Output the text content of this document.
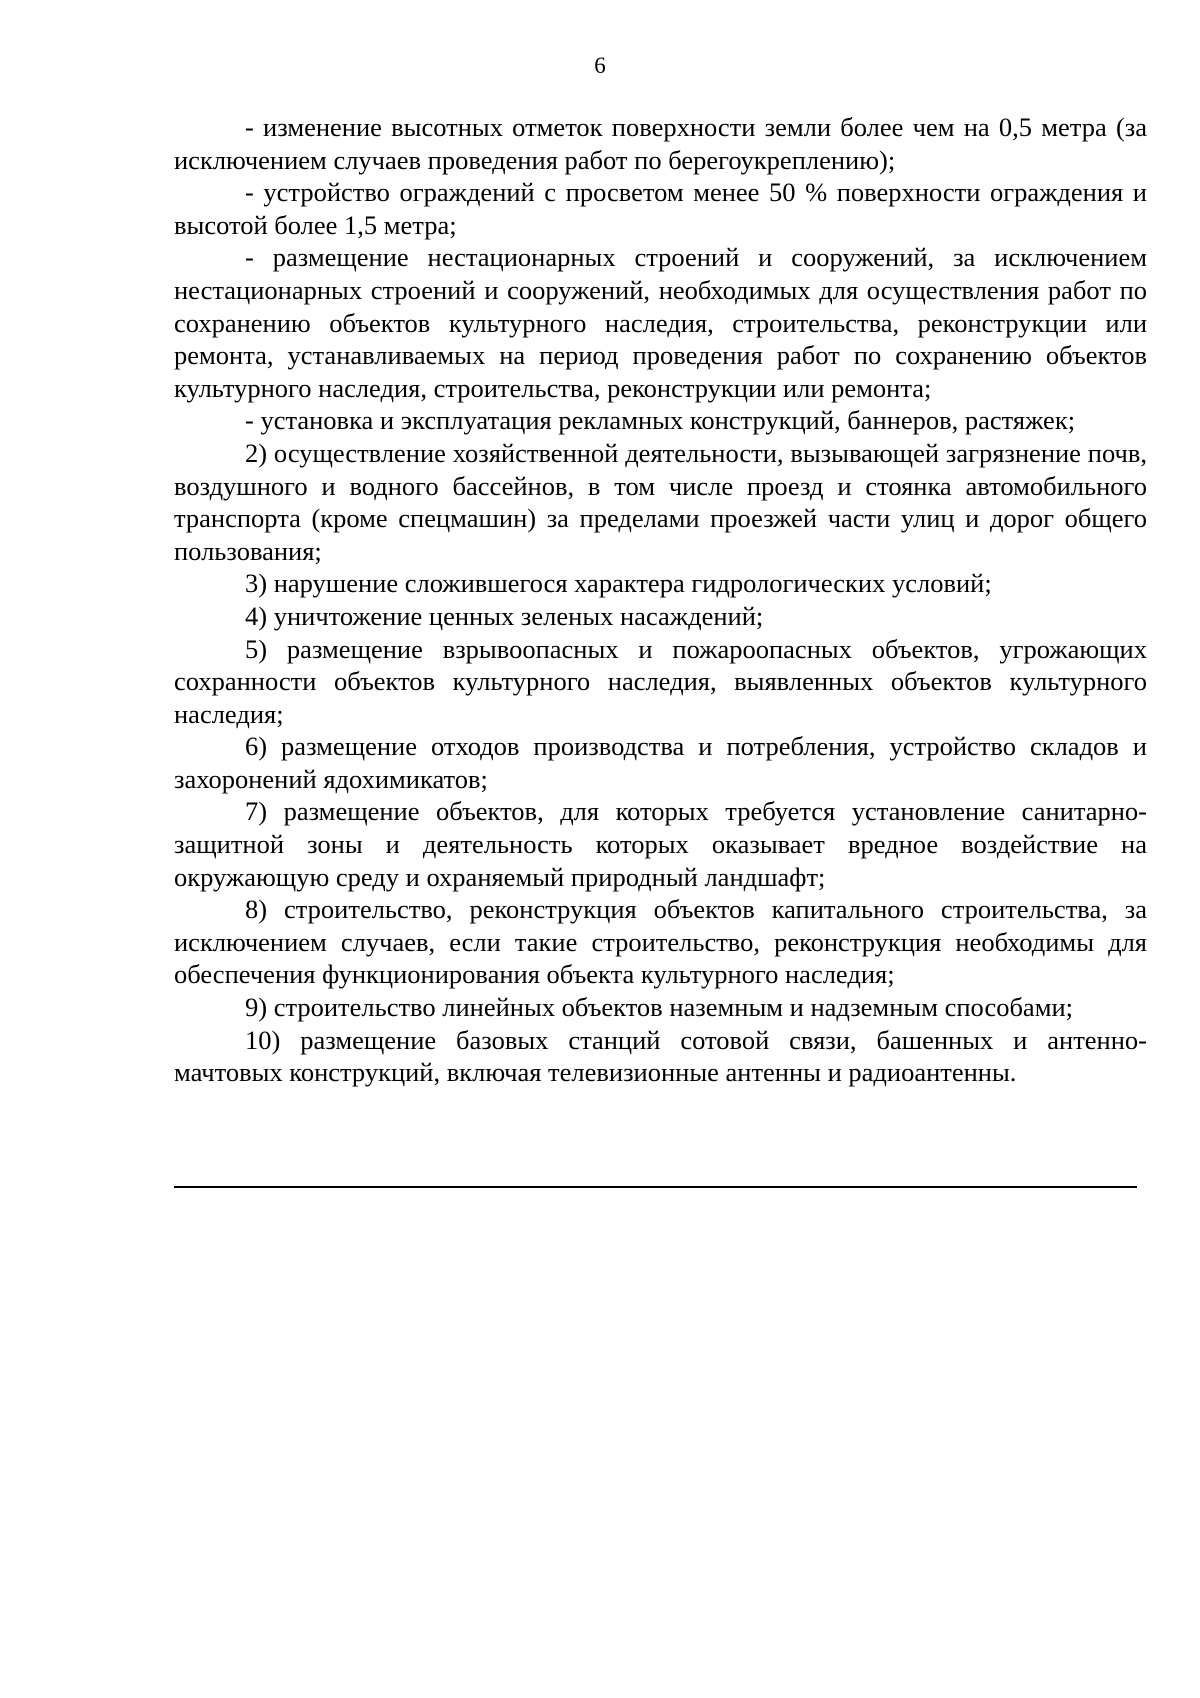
6

- изменение высотных отметок поверхности земли более чем на 0,5 метра (за исключением случаев проведения работ по берегоукреплению);

- устройство ограждений с просветом менее 50 % поверхности ограждения и высотой более 1,5 метра;

- размещение нестационарных строений и сооружений, за исключением нестационарных строений и сооружений, необходимых для осуществления работ по сохранению объектов культурного наследия, строительства, реконструкции или ремонта, устанавливаемых на период проведения работ по сохранению объектов культурного наследия, строительства, реконструкции или ремонта;

- установка и эксплуатация рекламных конструкций, баннеров, растяжек;

2) осуществление хозяйственной деятельности, вызывающей загрязнение почв, воздушного и водного бассейнов, в том числе проезд и стоянка автомобильного транспорта (кроме спецмашин) за пределами проезжей части улиц и дорог общего пользования;

3) нарушение сложившегося характера гидрологических условий;

4) уничтожение ценных зеленых насаждений;

5) размещение взрывоопасных и пожароопасных объектов, угрожающих сохранности объектов культурного наследия, выявленных объектов культурного наследия;

6) размещение отходов производства и потребления, устройство складов и захоронений ядохимикатов;

7) размещение объектов, для которых требуется установление санитарно-защитной зоны и деятельность которых оказывает вредное воздействие на окружающую среду и охраняемый природный ландшафт;

8) строительство, реконструкция объектов капитального строительства, за исключением случаев, если такие строительство, реконструкция необходимы для обеспечения функционирования объекта культурного наследия;

9) строительство линейных объектов наземным и надземным способами;

10) размещение базовых станций сотовой связи, башенных и антенно-мачтовых конструкций, включая телевизионные антенны и радиоантенны.
